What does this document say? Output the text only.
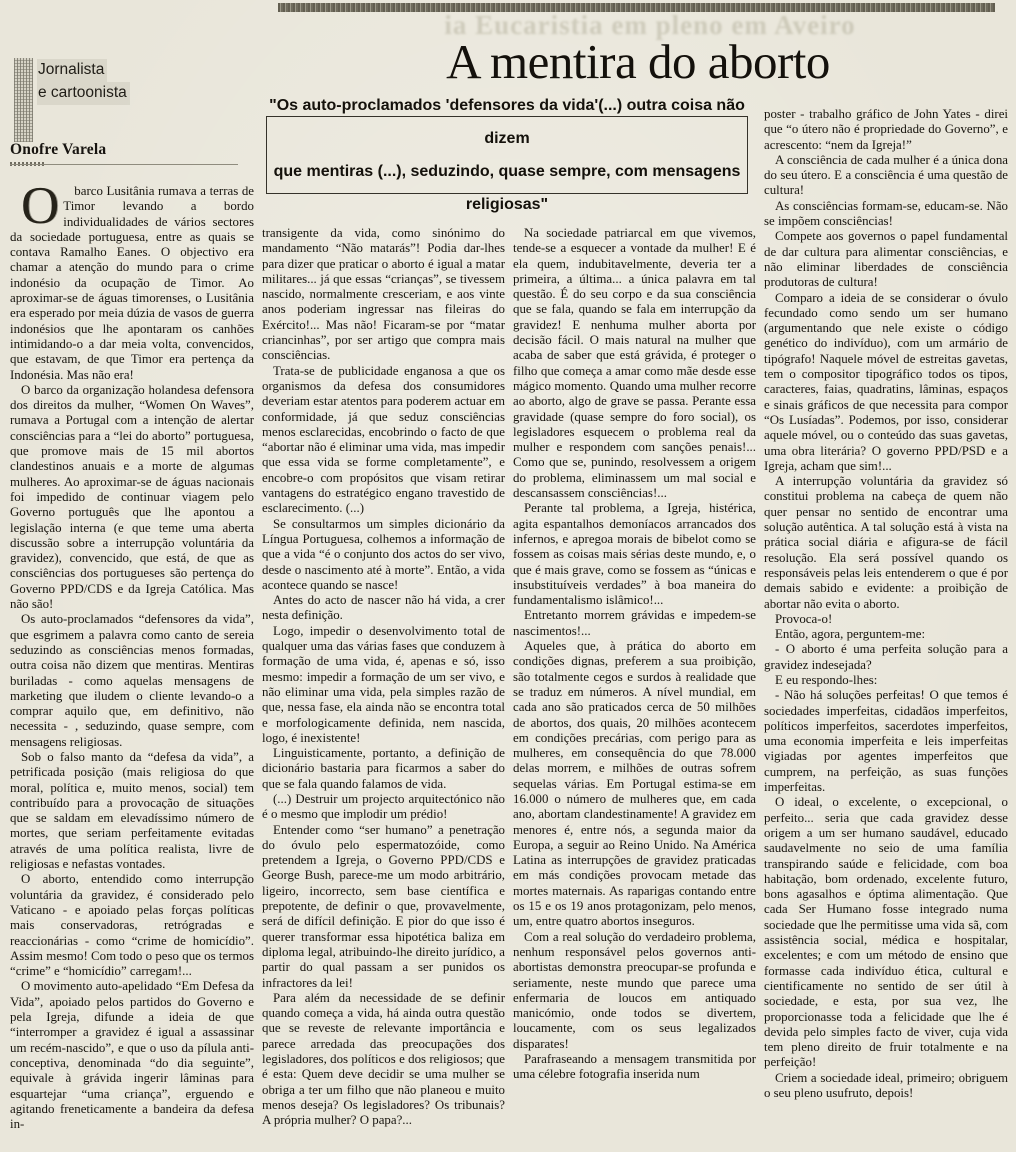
ia Eucaristia em pleno em Aveiro
Jornalista
e cartoonista
Onofre Varela
A mentira do aborto
"Os auto-proclamados 'defensores da vida'(...) outra coisa não dizem
que mentiras (...), seduzindo, quase sempre, com mensagens religiosas"

O	barco Lusitânia rumava a terras de Timor levando a bordo individualidades de vários sectores da sociedade portuguesa, entre as quais se contava Ramalho Eanes. O objectivo era chamar a atenção do mundo para o crime indonésio da ocupação de Timor. Ao aproximar-se de águas timorenses, o Lusitânia era esperado por meia dúzia de vasos de guerra indonésios que lhe apontaram os canhões intimidando-o a dar meia volta, convencidos, que estavam, de que Timor era pertença da Indonésia. Mas não era!

O barco da organização holandesa defensora dos direitos da mulher, “Women On Waves”, rumava a Portugal com a intenção de alertar consciências para a “lei do aborto” portuguesa, que promove mais de 15 mil abortos clandestinos anuais e a morte de algumas mulheres. Ao aproximar-se de águas nacionais foi impedido de continuar viagem pelo Governo português que lhe apontou a legislação interna (e que teme uma aberta discussão sobre a interrupção voluntária da gravidez), convencido, que está, de que as consciências dos portugueses são pertença do Governo PPD/CDS e da Igreja Católica. Mas não são!

Os auto-proclamados “defensores da vida”, que esgrimem a palavra como canto de sereia seduzindo as consciências menos formadas, outra coisa não dizem que mentiras. Mentiras buriladas - como aquelas mensagens de marketing que iludem o cliente levando-o a comprar aquilo que, em definitivo, não necessita - , seduzindo, quase sempre, com mensagens religiosas.

Sob o falso manto da “defesa da vida”, a petrificada posição (mais religiosa do que moral, política e, muito menos, social) tem contribuído para a provocação de situações que se saldam em elevadíssimo número de mortes, que seriam perfeitamente evitadas através de uma política realista, livre de religiosas e nefastas vontades.

O aborto, entendido como interrupção voluntária da gravidez, é considerado pelo Vaticano - e apoiado pelas forças políticas mais conservadoras, retrógradas e reaccionárias - como “crime de homicídio”. Assim mesmo! Com todo o peso que os termos “crime” e “homicídio” carregam!...

O movimento auto-apelidado “Em Defesa da Vida”, apoiado pelos partidos do Governo e pela Igreja, difunde a ideia de que “interromper a gravidez é igual a assassinar um recém-nascido”, e que o uso da pílula anti-conceptiva, denominada “do dia seguinte”, equivale à grávida ingerir lâminas para esquartejar “uma criança”, erguendo e agitando freneticamente a bandeira da defesa in-

transigente da vida, como sinónimo do mandamento “Não matarás”! Podia dar-lhes para dizer que praticar o aborto é igual a matar militares... já que essas “crianças”, se tivessem nascido, normalmente cresceriam, e aos vinte anos poderiam ingressar nas fileiras do Exército!... Mas não! Ficaram-se por “matar criancinhas”, por ser artigo que compra mais consciências.

Trata-se de publicidade enganosa a que os organismos da defesa dos consumidores deveriam estar atentos para poderem actuar em conformidade, já que seduz consciências menos esclarecidas, encobrindo o facto de que “abortar não é eliminar uma vida, mas impedir que essa vida se forme completamente”, e encobre-o com propósitos que visam retirar vantagens do estratégico engano travestido de esclarecimento. (...)

Se consultarmos um simples dicionário da Língua Portuguesa, colhemos a informação de que a vida “é o conjunto dos actos do ser vivo, desde o nascimento até à morte”. Então, a vida acontece quando se nasce!

Antes do acto de nascer não há vida, a crer nesta definição.

Logo, impedir o desenvolvimento total de qualquer uma das várias fases que conduzem à formação de uma vida, é, apenas e só, isso mesmo: impedir a formação de um ser vivo, e não eliminar uma vida, pela simples razão de que, nessa fase, ela ainda não se encontra total e morfologicamente definida, nem nascida, logo, é inexistente!

Linguisticamente, portanto, a definição de dicionário bastaria para ficarmos a saber do que se fala quando falamos de vida.

(...) Destruir um projecto arquitectónico não é o mesmo que implodir um prédio!

Entender como “ser humano” a penetração do óvulo pelo espermatozóide, como pretendem a Igreja, o Governo PPD/CDS e George Bush, parece-me um modo arbitrário, ligeiro, incorrecto, sem base científica e prepotente, de definir o que, provavelmente, será de difícil definição. E pior do que isso é querer transformar essa hipotética baliza em diploma legal, atribuindo-lhe direito jurídico, a partir do qual passam a ser punidos os infractores da lei!

Para além da necessidade de se definir quando começa a vida, há ainda outra questão que se reveste de relevante importância e parece arredada das preocupações dos legisladores, dos políticos e dos religiosos; que é esta: Quem deve decidir se uma mulher se obriga a ter um filho que não planeou e muito menos deseja? Os legisladores? Os tribunais? A própria mulher? O papa?...

Na sociedade patriarcal em que vivemos, tende-se a esquecer a vontade da mulher! E é ela quem, indubitavelmente, deveria ter a primeira, a última... a única palavra em tal questão. É do seu corpo e da sua consciência que se fala, quando se fala em interrupção da gravidez! E nenhuma mulher aborta por decisão fácil. O mais natural na mulher que acaba de saber que está grávida, é proteger o filho que começa a amar como mãe desde esse mágico momento. Quando uma mulher recorre ao aborto, algo de grave se passa. Perante essa gravidade (quase sempre do foro social), os legisladores esquecem o problema real da mulher e respondem com sanções penais!... Como que se, punindo, resolvessem a origem do problema, eliminassem um mal social e descansassem consciências!...

Perante tal problema, a Igreja, histérica, agita espantalhos demoníacos arrancados dos infernos, e apregoa morais de bibelot como se fossem as coisas mais sérias deste mundo, e, o que é mais grave, como se fossem as “únicas e insubstituíveis verdades” à boa maneira do fundamentalismo islâmico!...

Entretanto morrem grávidas e impedem-se nascimentos!...

Aqueles que, à prática do aborto em condições dignas, preferem a sua proibição, são totalmente cegos e surdos à realidade que se traduz em números. A nível mundial, em cada ano são praticados cerca de 50 milhões de abortos, dos quais, 20 milhões acontecem em condições precárias, com perigo para as mulheres, em consequência do que 78.000 delas morrem, e milhões de outras sofrem sequelas várias. Em Portugal estima-se em 16.000 o número de mulheres que, em cada ano, abortam clandestinamente! A gravidez em menores é, entre nós, a segunda maior da Europa, a seguir ao Reino Unido. Na América Latina as interrupções de gravidez praticadas em más condições provocam metade das mortes maternais. As raparigas contando entre os 15 e os 19 anos protagonizam, pelo menos, um, entre quatro abortos inseguros.

Com a real solução do verdadeiro problema, nenhum responsável pelos governos anti-abortistas demonstra preocupar-se profunda e seriamente, neste mundo que parece uma enfermaria de loucos em antiquado manicómio, onde todos se divertem, loucamente, com os seus legalizados disparates!

Parafraseando a mensagem transmitida por uma célebre fotografia inserida num

poster - trabalho gráfico de John Yates - direi que “o útero não é propriedade do Governo”, e acrescento: “nem da Igreja!”

A consciência de cada mulher é a única dona do seu útero. E a consciência é uma questão de cultura!

As consciências formam-se, educam-se. Não se impõem consciências!

Compete aos governos o papel fundamental de dar cultura para alimentar consciências, e não eliminar liberdades de consciência produtoras de cultura!

Comparo a ideia de se considerar o óvulo fecundado como sendo um ser humano (argumentando que nele existe o código genético do indivíduo), com um armário de tipógrafo! Naquele móvel de estreitas gavetas, tem o compositor tipográfico todos os tipos, caracteres, faias, quadratins, lâminas, espaços e sinais gráficos de que necessita para compor “Os Lusíadas”. Podemos, por isso, considerar aquele móvel, ou o conteúdo das suas gavetas, uma obra literária? O governo PPD/PSD e a Igreja, acham que sim!...

A interrupção voluntária da gravidez só constitui problema na cabeça de quem não quer pensar no sentido de encontrar uma solução autêntica. A tal solução está à vista na prática social diária e afigura-se de fácil resolução. Ela será possível quando os responsáveis pelas leis entenderem o que é por demais sabido e evidente: a proibição de abortar não evita o aborto.

Provoca-o!

Então, agora, perguntem-me:

- O aborto é uma perfeita solução para a gravidez indesejada?

E eu respondo-lhes:

- Não há soluções perfeitas! O que temos é sociedades imperfeitas, cidadãos imperfeitos, políticos imperfeitos, sacerdotes imperfeitos, uma economia imperfeita e leis imperfeitas vigiadas por agentes imperfeitos que cumprem, na perfeição, as suas funções imperfeitas.

O ideal, o excelente, o excepcional, o perfeito... seria que cada gravidez desse origem a um ser humano saudável, educado saudavelmente no seio de uma família transpirando saúde e felicidade, com boa habitação, bom ordenado, excelente futuro, bons agasalhos e óptima alimentação. Que cada Ser Humano fosse integrado numa sociedade que lhe permitisse uma vida sã, com assistência social, médica e hospitalar, excelentes; e com um método de ensino que formasse cada indivíduo ética, cultural e cientificamente no sentido de ser útil à sociedade, e esta, por sua vez, lhe proporcionasse toda a felicidade que lhe é devida pelo simples facto de viver, cuja vida tem pleno direito de fruir totalmente e na perfeição!

Criem a sociedade ideal, primeiro; obriguem o seu pleno usufruto, depois!
